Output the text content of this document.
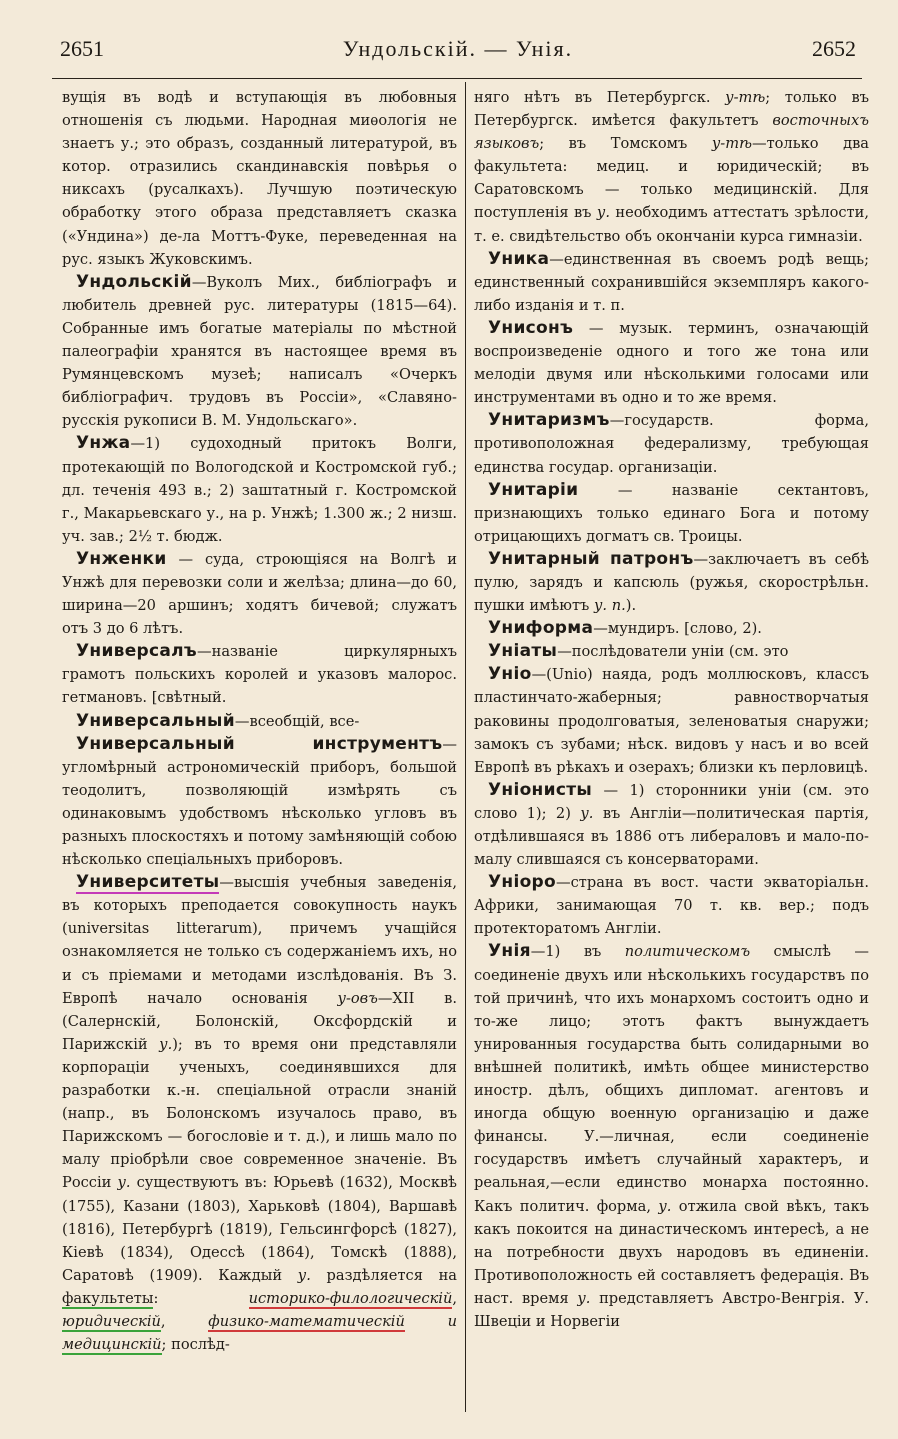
2651	Ундольскій. — Унія.	2652

вущія въ водѣ и вступающія въ любовныя отношенія съ людьми. Народная миѳологія не знаетъ у.; это образъ, созданный литературой, въ котор. отразились скандинавскія повѣрья о никсахъ (русалкахъ). Лучшую поэтическую обработку этого образа представляетъ сказка («Ундина») де-ла Моттъ-Фуке, переведенная на рус. языкъ Жуковскимъ.

Ундольскій—Вуколъ Мих., библіографъ и любитель древней рус. литературы (1815—64). Собранные имъ богатые матеріалы по мѣстной палеографіи хранятся въ настоящее время въ Румянцевскомъ музеѣ; написалъ «Очеркъ библіографич. трудовъ въ Россіи», «Славяно-русскія рукописи В. М. Ундольскаго».

Унжа—1) судоходный притокъ Волги, протекающій по Вологодской и Костромской губ.; дл. теченія 493 в.; 2) заштатный г. Костромской г., Макарьевскаго у., на р. Унжѣ; 1.300 ж.; 2 низш. уч. зав.; 2½ т. бюдж.

Унженки — суда, строющіяся на Волгѣ и Унжѣ для перевозки соли и желѣза; длина—до 60, ширина—20 аршинъ; ходятъ бичевой; служатъ отъ 3 до 6 лѣтъ.

Универсалъ—названіе циркулярныхъ грамотъ польскихъ королей и указовъ малорос. гетмановъ. [свѣтный.

Универсальный—всеобщій, все-

Универсальный инструментъ—угломѣрный астрономическій приборъ, большой теодолитъ, позволяющій измѣрять съ одинаковымъ удобствомъ нѣсколько угловъ въ разныхъ плоскостяхъ и потому замѣняющій собою нѣсколько спеціальныхъ приборовъ.

Университеты—высшія учебныя заведенія, въ которыхъ преподается совокупность наукъ (universitas litterarum), причемъ учащійся ознакомляется не только съ содержаніемъ ихъ, но и съ пріемами и методами изслѣдованія. Въ З. Европѣ начало основанія у-овъ—XII в. (Салернскій, Болонскій, Оксфордскій и Парижскій у.); въ то время они представляли корпораціи ученыхъ, соединявшихся для разработки к.-н. спеціальной отрасли знаній (напр., въ Болонскомъ изучалось право, въ Парижскомъ — богословіе и т. д.), и лишь мало по малу пріобрѣли свое современное значеніе. Въ Россіи у. существуютъ въ: Юрьевѣ (1632), Москвѣ (1755), Казани (1803), Харьковѣ (1804), Варшавѣ (1816), Петербургѣ (1819), Гельсингфорсѣ (1827), Кіевѣ (1834), Одессѣ (1864), Томскѣ (1888), Саратовѣ (1909). Каждый у. раздѣляется на факультеты: историко-филологическій, юридическій, физико-математическій и медицинскій; послѣд-

няго нѣтъ въ Петербургск. у-тѣ; только въ Петербургск. имѣется факультетъ восточныхъ языковъ; въ Томскомъ у-тѣ—только два факультета: медиц. и юридическій; въ Саратовскомъ — только медицинскій. Для поступленія въ у. необходимъ аттестатъ зрѣлости, т. е. свидѣтельство объ окончаніи курса гимназіи.

Уника—единственная въ своемъ родѣ вещь; единственный сохранившійся экземпляръ какого-либо изданія и т. п.

Унисонъ — музык. терминъ, означающій воспроизведеніе одного и того же тона или мелодіи двумя или нѣсколькими голосами или инструментами въ одно и то же время.

Унитаризмъ—государств. форма, противоположная федерализму, требующая единства государ. организаціи.

Унитаріи — названіе сектантовъ, признающихъ только единаго Бога и потому отрицающихъ догматъ св. Троицы.

Унитарный патронъ—заключаетъ въ себѣ пулю, зарядъ и капсюль (ружья, скорострѣльн. пушки имѣютъ у. п.).

Униформа—мундиръ. [слово, 2).

Уніаты—послѣдователи уніи (см. это

Уніо—(Unio) наяда, родъ моллюсковъ, классъ пластинчато-жаберныя; равностворчатыя раковины продолговатыя, зеленоватыя снаружи; замокъ съ зубами; нѣск. видовъ у насъ и во всей Европѣ въ рѣкахъ и озерахъ; близки къ перловицѣ.

Уніонисты — 1) сторонники уніи (см. это слово 1); 2) у. въ Англіи—политическая партія, отдѣлившаяся въ 1886 отъ либераловъ и мало-по-малу слившаяся съ консерваторами.

Уніоро—страна въ вост. части экваторіальн. Африки, занимающая 70 т. кв. вер.; подъ протекторатомъ Англіи.

Унія—1) въ политическомъ смыслѣ —соединеніе двухъ или нѣсколькихъ государствъ по той причинѣ, что ихъ монархомъ состоитъ одно и то-же лицо; этотъ фактъ вынуждаетъ унированныя государства быть солидарными во внѣшней политикѣ, имѣть общее министерство иностр. дѣлъ, общихъ дипломат. агентовъ и иногда общую военную организацію и даже финансы. У.—личная, если соединеніе государствъ имѣетъ случайный характеръ, и реальная,—если единство монарха постоянно. Какъ политич. форма, у. отжила свой вѣкъ, такъ какъ покоится на династическомъ интересѣ, а не на потребности двухъ народовъ въ единеніи. Противоположность ей составляетъ федерація. Въ наст. время у. представляетъ Австро-Венгрія. У. Швеціи и Норвегіи
